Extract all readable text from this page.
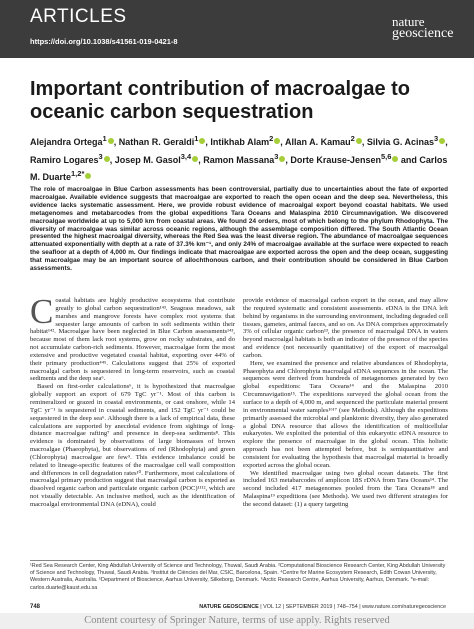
ARTICLES
https://doi.org/10.1038/s41561-019-0421-8
nature
geoscience
Important contribution of macroalgae to oceanic carbon sequestration
Alejandra Ortega$^1$ , Nathan R. Geraldi$^1$ , Intikhab Alam$^2$ , Allan A. Kamau$^2$ , Silvia G. Acinas$^3$ , Ramiro Logares$^3$ , Josep M. Gasol$^{3,4}$ , Ramon Massana$^3$ , Dorte Krause-Jensen$^{5,6}$ and Carlos M. Duarte$^{1,2*}$
The role of macroalgae in Blue Carbon assessments has been controversial, partially due to uncertainties about the fate of exported macroalgae. Available evidence suggests that macroalgae are exported to reach the open ocean and the deep sea. Nevertheless, this evidence lacks systematic assessment. Here, we provide robust evidence of macroalgal export beyond coastal habitats. We used metagenomes and metabarcodes from the global expeditions Tara Oceans and Malaspina 2010 Circumnavigation. We discovered macroalgae worldwide at up to 5,000 km from coastal areas. We found 24 orders, most of which belong to the phylum Rhodophyta. The diversity of macroalgae was similar across oceanic regions, although the assemblage composition differed. The South Atlantic Ocean presented the highest macroalgal diversity, whereas the Red Sea was the least diverse region. The abundance of macroalgae sequences attenuated exponentially with depth at a rate of 37.3% km⁻¹, and only 24% of macroalgae available at the surface were expected to reach the seafloor at a depth of 4,000 m. Our findings indicate that macroalgae are exported across the open and the deep ocean, suggesting that macroalgae may be an important source of allochthonous carbon, and their contribution should be considered in Blue Carbon assessments.

Coastal habitats are highly productive ecosystems that contribute greatly to global carbon sequestration¹⁴³. Seagrass meadows, salt marshes and mangrove forests have complex root systems that sequester large amounts of carbon in soft sediments within their habitat¹⁴². Macroalgae have been neglected in Blue Carbon assessments¹⁴³, because most of them lack root systems, grow on rocky substrates, and do not accumulate carbon-rich sediments. However, macroalgae form the most extensive and productive vegetated coastal habitat, exporting over 44% of their primary production⁴⁴⁵. Calculations suggest that 25% of exported macroalgal carbon is sequestered in long-term reservoirs, such as coastal sediments and the deep sea⁶.

Based on first-order calculations⁶, it is hypothesized that macroalgae globally support an export of 679 TgC yr⁻¹. Most of this carbon is remineralized or grazed in coastal environments, or cast onshore, while 14 TgC yr⁻¹ is sequestered in coastal sediments, and 152 TgC yr⁻¹ could be sequestered in the deep sea⁶. Although there is a lack of empirical data, these calculations are supported by anecdotal evidence from sightings of long-distance macroalgae rafting⁷ and presence in deep-sea sediments⁸. This evidence is dominated by observations of large biomasses of brown macroalgae (Phaeophyta), but observations of red (Rhodophyta) and green (Chlorophyta) macroalgae are few⁹. This evidence imbalance could be related to lineage-specific features of the macroalgae cell wall composition and differences in cell degradation rates¹⁰. Furthermore, most calculations of macroalgal primary production suggest that macroalgal carbon is exported as dissolved organic carbon and particulate organic carbon (POC)¹¹¹², which are not visually detectable. An inclusive method, such as the identification of macroalgal environmental DNA (eDNA), could

provide evidence of macroalgal carbon export in the ocean, and may allow the required systematic and consistent assessments. eDNA is the DNA left behind by organisms in the surrounding environment, including degraded cell tissues, gametes, animal faeces, and so on. As DNA comprises approximately 3% of cellular organic carbon¹³, the presence of macroalgal DNA in waters beyond macroalgal habitats is both an indicator of the presence of the species and evidence (not necessarily quantitative) of the export of macroalgal carbon.

Here, we examined the presence and relative abundances of Rhodophyta, Phaeophyta and Chlorophyta macroalgal eDNA sequences in the ocean. The sequences were derived from hundreds of metagenomes generated by two global expeditions: Tara Oceans¹⁴ and the Malaspina 2010 Circumnavigation¹⁵. The expeditions surveyed the global ocean from the surface to a depth of 4,000 m, and sequenced the particulate material present in environmental water samples¹⁶¹⁷ (see Methods). Although the expeditions primarily assessed the microbial and planktonic diversity, they also generated a global DNA resource that allows the identification of multicellular eukaryotes. We exploited the potential of this eukaryotic eDNA resource to explore the presence of macroalgae in the global ocean. This holistic approach has not been attempted before, but is semiquantitative and consistent for evaluating the hypothesis that macroalgal material is broadly exported across the global ocean.

We identified macroalgae using two global ocean datasets. The first included 163 metabarcodes of amplicon 18S rDNA from Tara Oceans¹⁴. The second included 417 metagenomes pooled from the Tara Oceans¹⁸ and Malaspina¹⁹ expeditions (see Methods). We used two different strategies for the second dataset: (1) a query targeting

¹Red Sea Research Center, King Abdullah University of Science and Technology, Thuwal, Saudi Arabia. ²Computational Bioscience Research Center, King Abdullah University of Science and Technology, Thuwal, Saudi Arabia. ³Institut de Ciències del Mar, CSIC, Barcelona, Spain. ⁴Centre for Marine Ecosystem Research, Edith Cowan University, Western Australia, Australia. ⁵Department of Bioscience, Aarhus University, Silkeborg, Denmark. ⁶Arctic Research Centre, Aarhus University, Aarhus, Denmark. *e-mail: carlos.duarte@kaust.edu.sa
748	NATURE GEOSCIENCE | VOL 12 | SEPTEMBER 2019 | 748–754 | www.nature.com/naturegeoscience
Content courtesy of Springer Nature, terms of use apply. Rights reserved
